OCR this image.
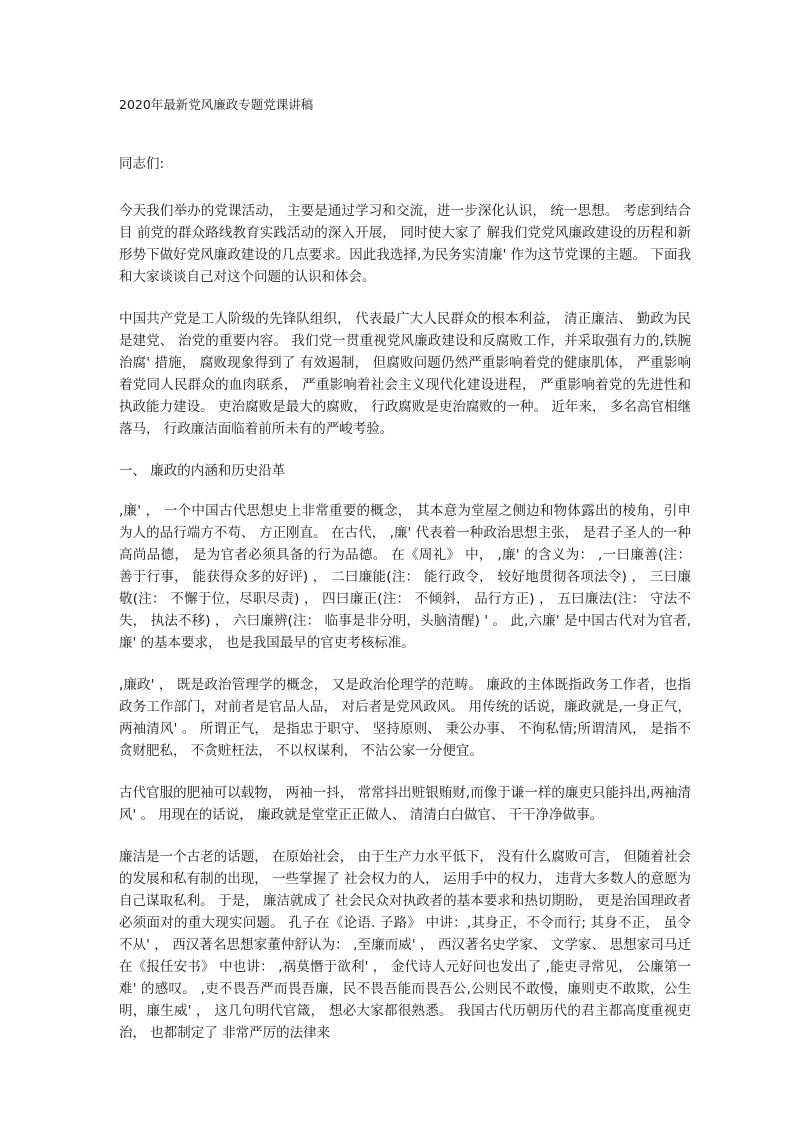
2020年最新党风廉政专题党课讲稿

同志们:

今天我们举办的党课活动， 主要是通过学习和交流，进一步深化认识， 统一思想。 考虑到结合目 前党的群众路线教育实践活动的深入开展， 同时使大家了 解我们党党风廉政建设的历程和新形势下做好党风廉政建设的几点要求。因此我选择,为民务实清廉' 作为这节党课的主题。 下面我和大家谈谈自己对这个问题的认识和体会。

中国共产党是工人阶级的先锋队组织， 代表最广大人民群众的根本利益， 清正廉洁、 勤政为民是建党、 治党的重要内容。 我们党一贯重视党风廉政建设和反腐败工作，并采取强有力的,铁腕治腐' 措施， 腐败现象得到了 有效遏制， 但腐败问题仍然严重影响着党的健康肌体， 严重影响着党同人民群众的血肉联系， 严重影响着社会主义现代化建设进程， 严重影响着党的先进性和执政能力建设。 吏治腐败是最大的腐败， 行政腐败是吏治腐败的一种。 近年来， 多名高官相继落马， 行政廉洁面临着前所未有的严峻考验。

一、 廉政的内涵和历史沿革

,廉' ， 一个中国古代思想史上非常重要的概念， 其本意为堂屋之侧边和物体露出的棱角，引申为人的品行端方不苟、 方正刚直。 在古代， ,廉' 代表着一种政治思想主张， 是君子圣人的一种高尚品德， 是为官者必须具备的行为品德。 在《周礼》 中， ,廉' 的含义为： ,一曰廉善(注： 善于行事， 能获得众多的好评) ， 二曰廉能(注： 能行政令， 较好地贯彻各项法令) ， 三曰廉敬(注： 不懈于位，尽职尽责) ， 四曰廉正(注： 不倾斜， 品行方正) ， 五曰廉法(注： 守法不失， 执法不移) ， 六曰廉辨(注： 临事是非分明，头脑清醒) ' 。 此,六廉' 是中国古代对为官者,廉' 的基本要求， 也是我国最早的官吏考核标准。

,廉政' ， 既是政治管理学的概念， 又是政治伦理学的范畴。 廉政的主体既指政务工作者，也指政务工作部门，对前者是官品人品， 对后者是党风政风。 用传统的话说，廉政就是,一身正气， 两袖清风' 。 所谓正气， 是指忠于职守、 坚持原则、 秉公办事、 不徇私情;所谓清风， 是指不贪财肥私， 不贪赃枉法， 不以权谋利， 不沾公家一分便宜。

古代官服的肥袖可以载物， 两袖一抖， 常常抖出赃银贿财,而像于谦一样的廉吏只能抖出,两袖清风' 。 用现在的话说， 廉政就是堂堂正正做人、 清清白白做官、 干干净净做事。

廉洁是一个古老的话题， 在原始社会， 由于生产力水平低下， 没有什么腐败可言， 但随着社会的发展和私有制的出现， 一些掌握了 社会权力的人， 运用手中的权力， 违背大多数人的意愿为自己谋取私利。 于是， 廉洁就成了 社会民众对执政者的基本要求和热切期盼， 更是治国理政者必须面对的重大现实问题。 孔子在《论语. 子路》 中讲：,其身正，不令而行; 其身不正， 虽令不从' ， 西汉著名思想家董仲舒认为： ,至廉而威' ， 西汉著名史学家、 文学家、 思想家司马迁在《报任安书》 中也讲： ,祸莫憯于欲利' ， 金代诗人元好问也发出了 ,能吏寻常见， 公廉第一难' 的感叹。 ,吏不畏吾严而畏吾廉，民不畏吾能而畏吾公,公则民不敢慢，廉则吏不敢欺，公生明，廉生威' ， 这几句明代官箴， 想必大家都很熟悉。 我国古代历朝历代的君主都高度重视吏治， 也都制定了 非常严厉的法律来
